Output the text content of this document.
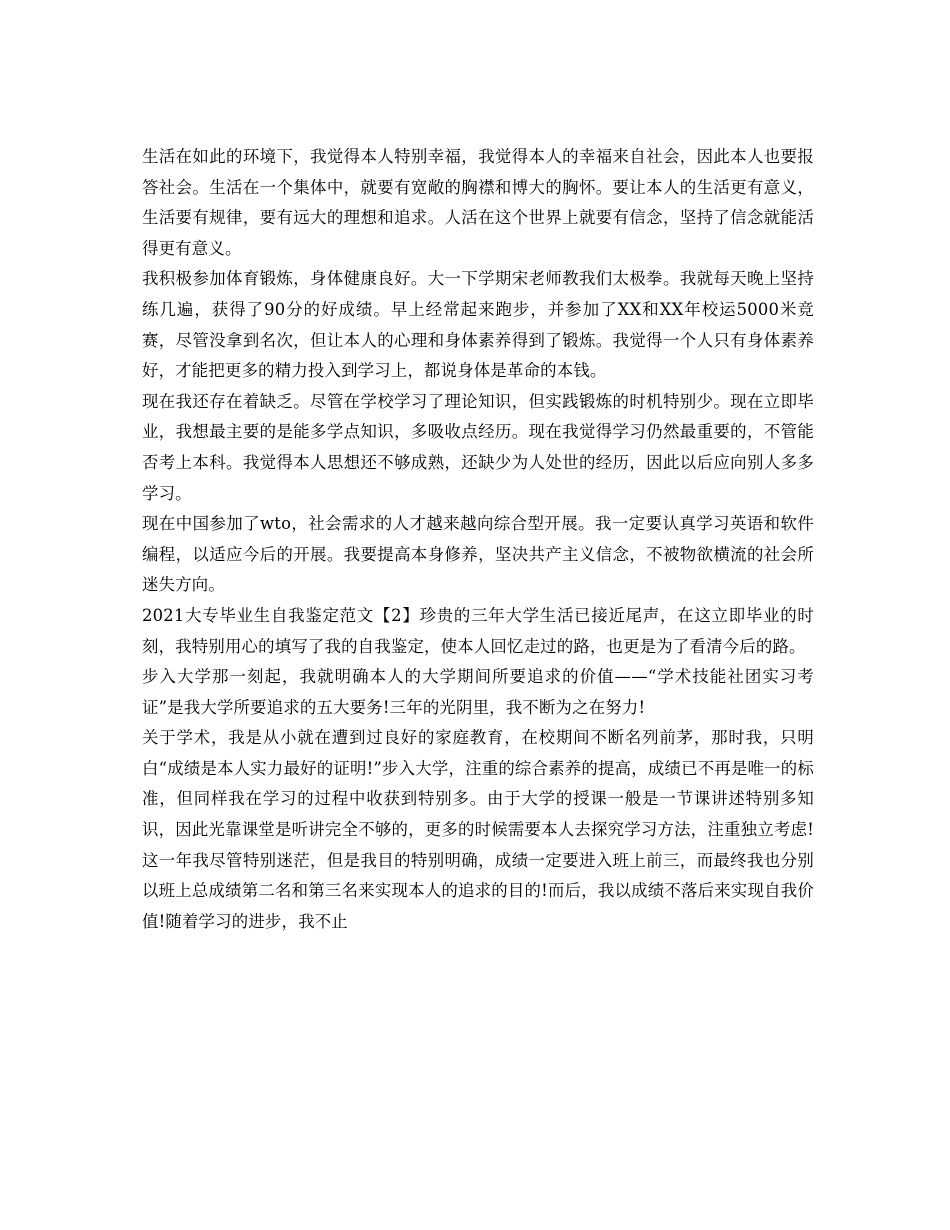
生活在如此的环境下，我觉得本人特别幸福，我觉得本人的幸福来自社会，因此本人也要报答社会。生活在一个集体中，就要有宽敞的胸襟和博大的胸怀。要让本人的生活更有意义，生活要有规律，要有远大的理想和追求。人活在这个世界上就要有信念，坚持了信念就能活得更有意义。

我积极参加体育锻炼，身体健康良好。大一下学期宋老师教我们太极拳。我就每天晚上坚持练几遍，获得了90分的好成绩。早上经常起来跑步，并参加了XX和XX年校运5000米竞赛，尽管没拿到名次，但让本人的心理和身体素养得到了锻炼。我觉得一个人只有身体素养好，才能把更多的精力投入到学习上，都说身体是革命的本钱。

现在我还存在着缺乏。尽管在学校学习了理论知识，但实践锻炼的时机特别少。现在立即毕业，我想最主要的是能多学点知识，多吸收点经历。现在我觉得学习仍然最重要的，不管能否考上本科。我觉得本人思想还不够成熟，还缺少为人处世的经历，因此以后应向别人多多学习。

现在中国参加了wto，社会需求的人才越来越向综合型开展。我一定要认真学习英语和软件编程，以适应今后的开展。我要提高本身修养，坚决共产主义信念，不被物欲横流的社会所迷失方向。

2021大专毕业生自我鉴定范文【2】珍贵的三年大学生活已接近尾声，在这立即毕业的时刻，我特别用心的填写了我的自我鉴定，使本人回忆走过的路，也更是为了看清今后的路。

步入大学那一刻起，我就明确本人的大学期间所要追求的价值——“学术技能社团实习考证”是我大学所要追求的五大要务!三年的光阴里，我不断为之在努力!

关于学术，我是从小就在遭到过良好的家庭教育，在校期间不断名列前茅，那时我，只明白“成绩是本人实力最好的证明!”步入大学，注重的综合素养的提高，成绩已不再是唯一的标准，但同样我在学习的过程中收获到特别多。由于大学的授课一般是一节课讲述特别多知识，因此光靠课堂是听讲完全不够的，更多的时候需要本人去探究学习方法，注重独立考虑!这一年我尽管特别迷茫，但是我目的特别明确，成绩一定要进入班上前三，而最终我也分别以班上总成绩第二名和第三名来实现本人的追求的目的!而后，我以成绩不落后来实现自我价值!随着学习的进步，我不止
